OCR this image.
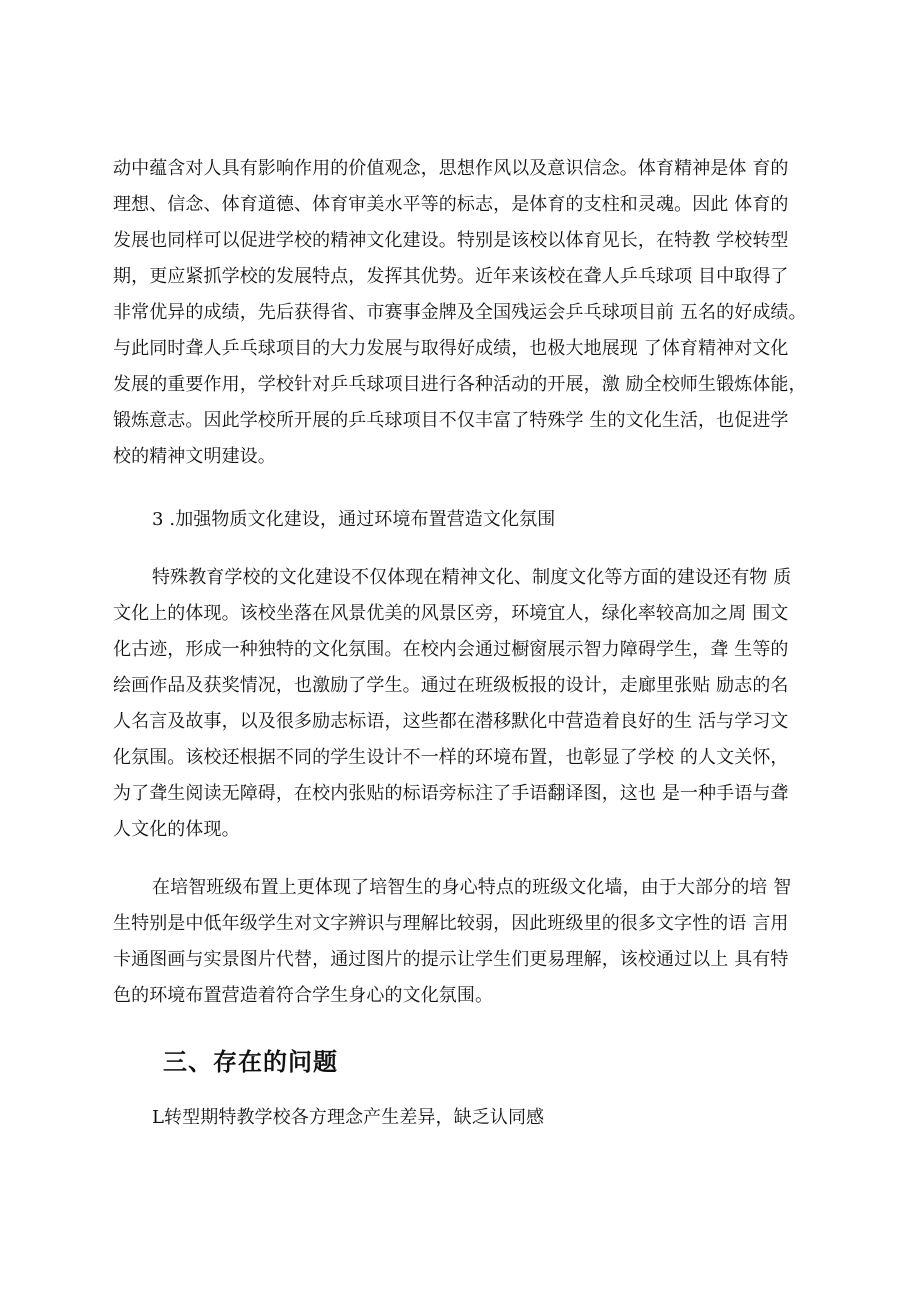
动中蕴含对人具有影响作用的价值观念，思想作风以及意识信念。体育精神是体 育的

理想、信念、体育道德、体育审美水平等的标志，是体育的支柱和灵魂。因此 体育的

发展也同样可以促进学校的精神文化建设。特别是该校以体育见长，在特教 学校转型

期，更应紧抓学校的发展特点，发挥其优势。近年来该校在聋人乒乓球项 目中取得了

非常优异的成绩，先后获得省、市赛事金牌及全国残运会乒乓球项目前 五名的好成绩。

与此同时聋人乒乓球项目的大力发展与取得好成绩，也极大地展现 了体育精神对文化

发展的重要作用，学校针对乒乓球项目进行各种活动的开展，激 励全校师生锻炼体能，

锻炼意志。因此学校所开展的乒乓球项目不仅丰富了特殊学 生的文化生活，也促进学

校的精神文明建设。

3 .加强物质文化建设，通过环境布置营造文化氛围

特殊教育学校的文化建设不仅体现在精神文化、制度文化等方面的建设还有物 质

文化上的体现。该校坐落在风景优美的风景区旁，环境宜人，绿化率较高加之周 围文

化古迹，形成一种独特的文化氛围。在校内会通过橱窗展示智力障碍学生，聋 生等的

绘画作品及获奖情况，也激励了学生。通过在班级板报的设计，走廊里张贴 励志的名

人名言及故事，以及很多励志标语，这些都在潜移默化中营造着良好的生 活与学习文

化氛围。该校还根据不同的学生设计不一样的环境布置，也彰显了学校 的人文关怀，

为了聋生阅读无障碍，在校内张贴的标语旁标注了手语翻译图，这也 是一种手语与聋

人文化的体现。

在培智班级布置上更体现了培智生的身心特点的班级文化墙，由于大部分的培 智

生特别是中低年级学生对文字辨识与理解比较弱，因此班级里的很多文字性的语 言用

卡通图画与实景图片代替，通过图片的提示让学生们更易理解，该校通过以上 具有特

色的环境布置营造着符合学生身心的文化氛围。

三、存在的问题

L转型期特教学校各方理念产生差异，缺乏认同感
